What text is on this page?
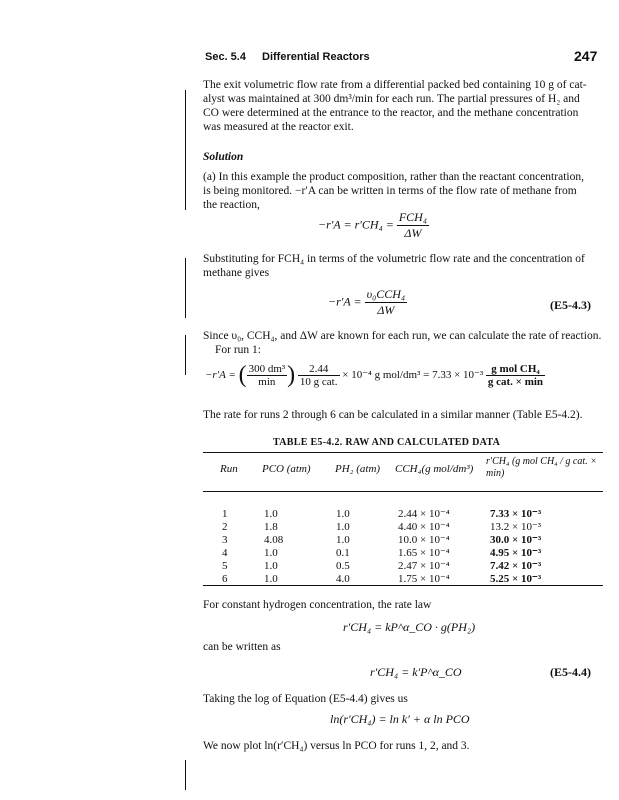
Sec. 5.4 Differential Reactors	247
The exit volumetric flow rate from a differential packed bed containing 10 g of cat-
alyst was maintained at 300 dm³/min for each run. The partial pressures of H₂ and
CO were determined at the entrance to the reactor, and the methane concentration
was measured at the reactor exit.
Solution
(a) In this example the product composition, rather than the reactant concentration,
is being monitored. −r′A can be written in terms of the flow rate of methane from
the reaction,
$-r'A = r'CH_4 = \frac{\text{FCH₄}}{\Delta W}$
Substituting for FCH₄ in terms of the volumetric flow rate and the concentration of
methane gives
$-r'A = \frac{\text{υ₀CCH₄}}{\Delta W}$	(E5-4.3)
Since υ₀, CCH₄, and ΔW are known for each run, we can calculate the rate of reaction.
For run 1:
−r′A = ( $\frac{\text{300 dm³}}{\min}$ ) $\frac{2.44}{\text{10 g cat.}} \times 10^{-4}$ g $mol/dm^3 = 7.33 \times 10^{-3} \frac{\text{g mol CH₄}}{\text{g cat. × min}}$
The rate for runs 2 through 6 can be calculated in a similar manner (Table E5-4.2).
TABLE E5-4.2. RAW AND CALCULATED DATA
Run PCO (atm) PH₂ (atm) CCH₄(g mol/dm³)
r′CH₄ (g mol CH₄ / g cat. × min)
1	1.0	1.0	2.44 × 10⁻⁴	7.33 × 10⁻³
2	1.8	1.0	4.40 × 10⁻⁴	13.2 × 10⁻³
3	4.08	1.0	10.0 × 10⁻⁴	30.0 × 10⁻³
4	1.0	0.1	1.65 × 10⁻⁴	4.95 × 10⁻³
5	1.0	0.5	2.47 × 10⁻⁴	7.42 × 10⁻³
6	1.0	4.0	1.75 × 10⁻⁴	5.25 × 10⁻³
For constant hydrogen concentration, the rate law
r′CH₄ = kP^α_CO · g(PH₂)
can be written as
r′CH₄ = k′P^α_CO	(E5-4.4)
Taking the log of Equation (E5-4.4) gives us
ln(r′CH₄) = ln k′ + α ln PCO
We now plot ln(r′CH₄) versus ln PCO for runs 1, 2, and 3.
